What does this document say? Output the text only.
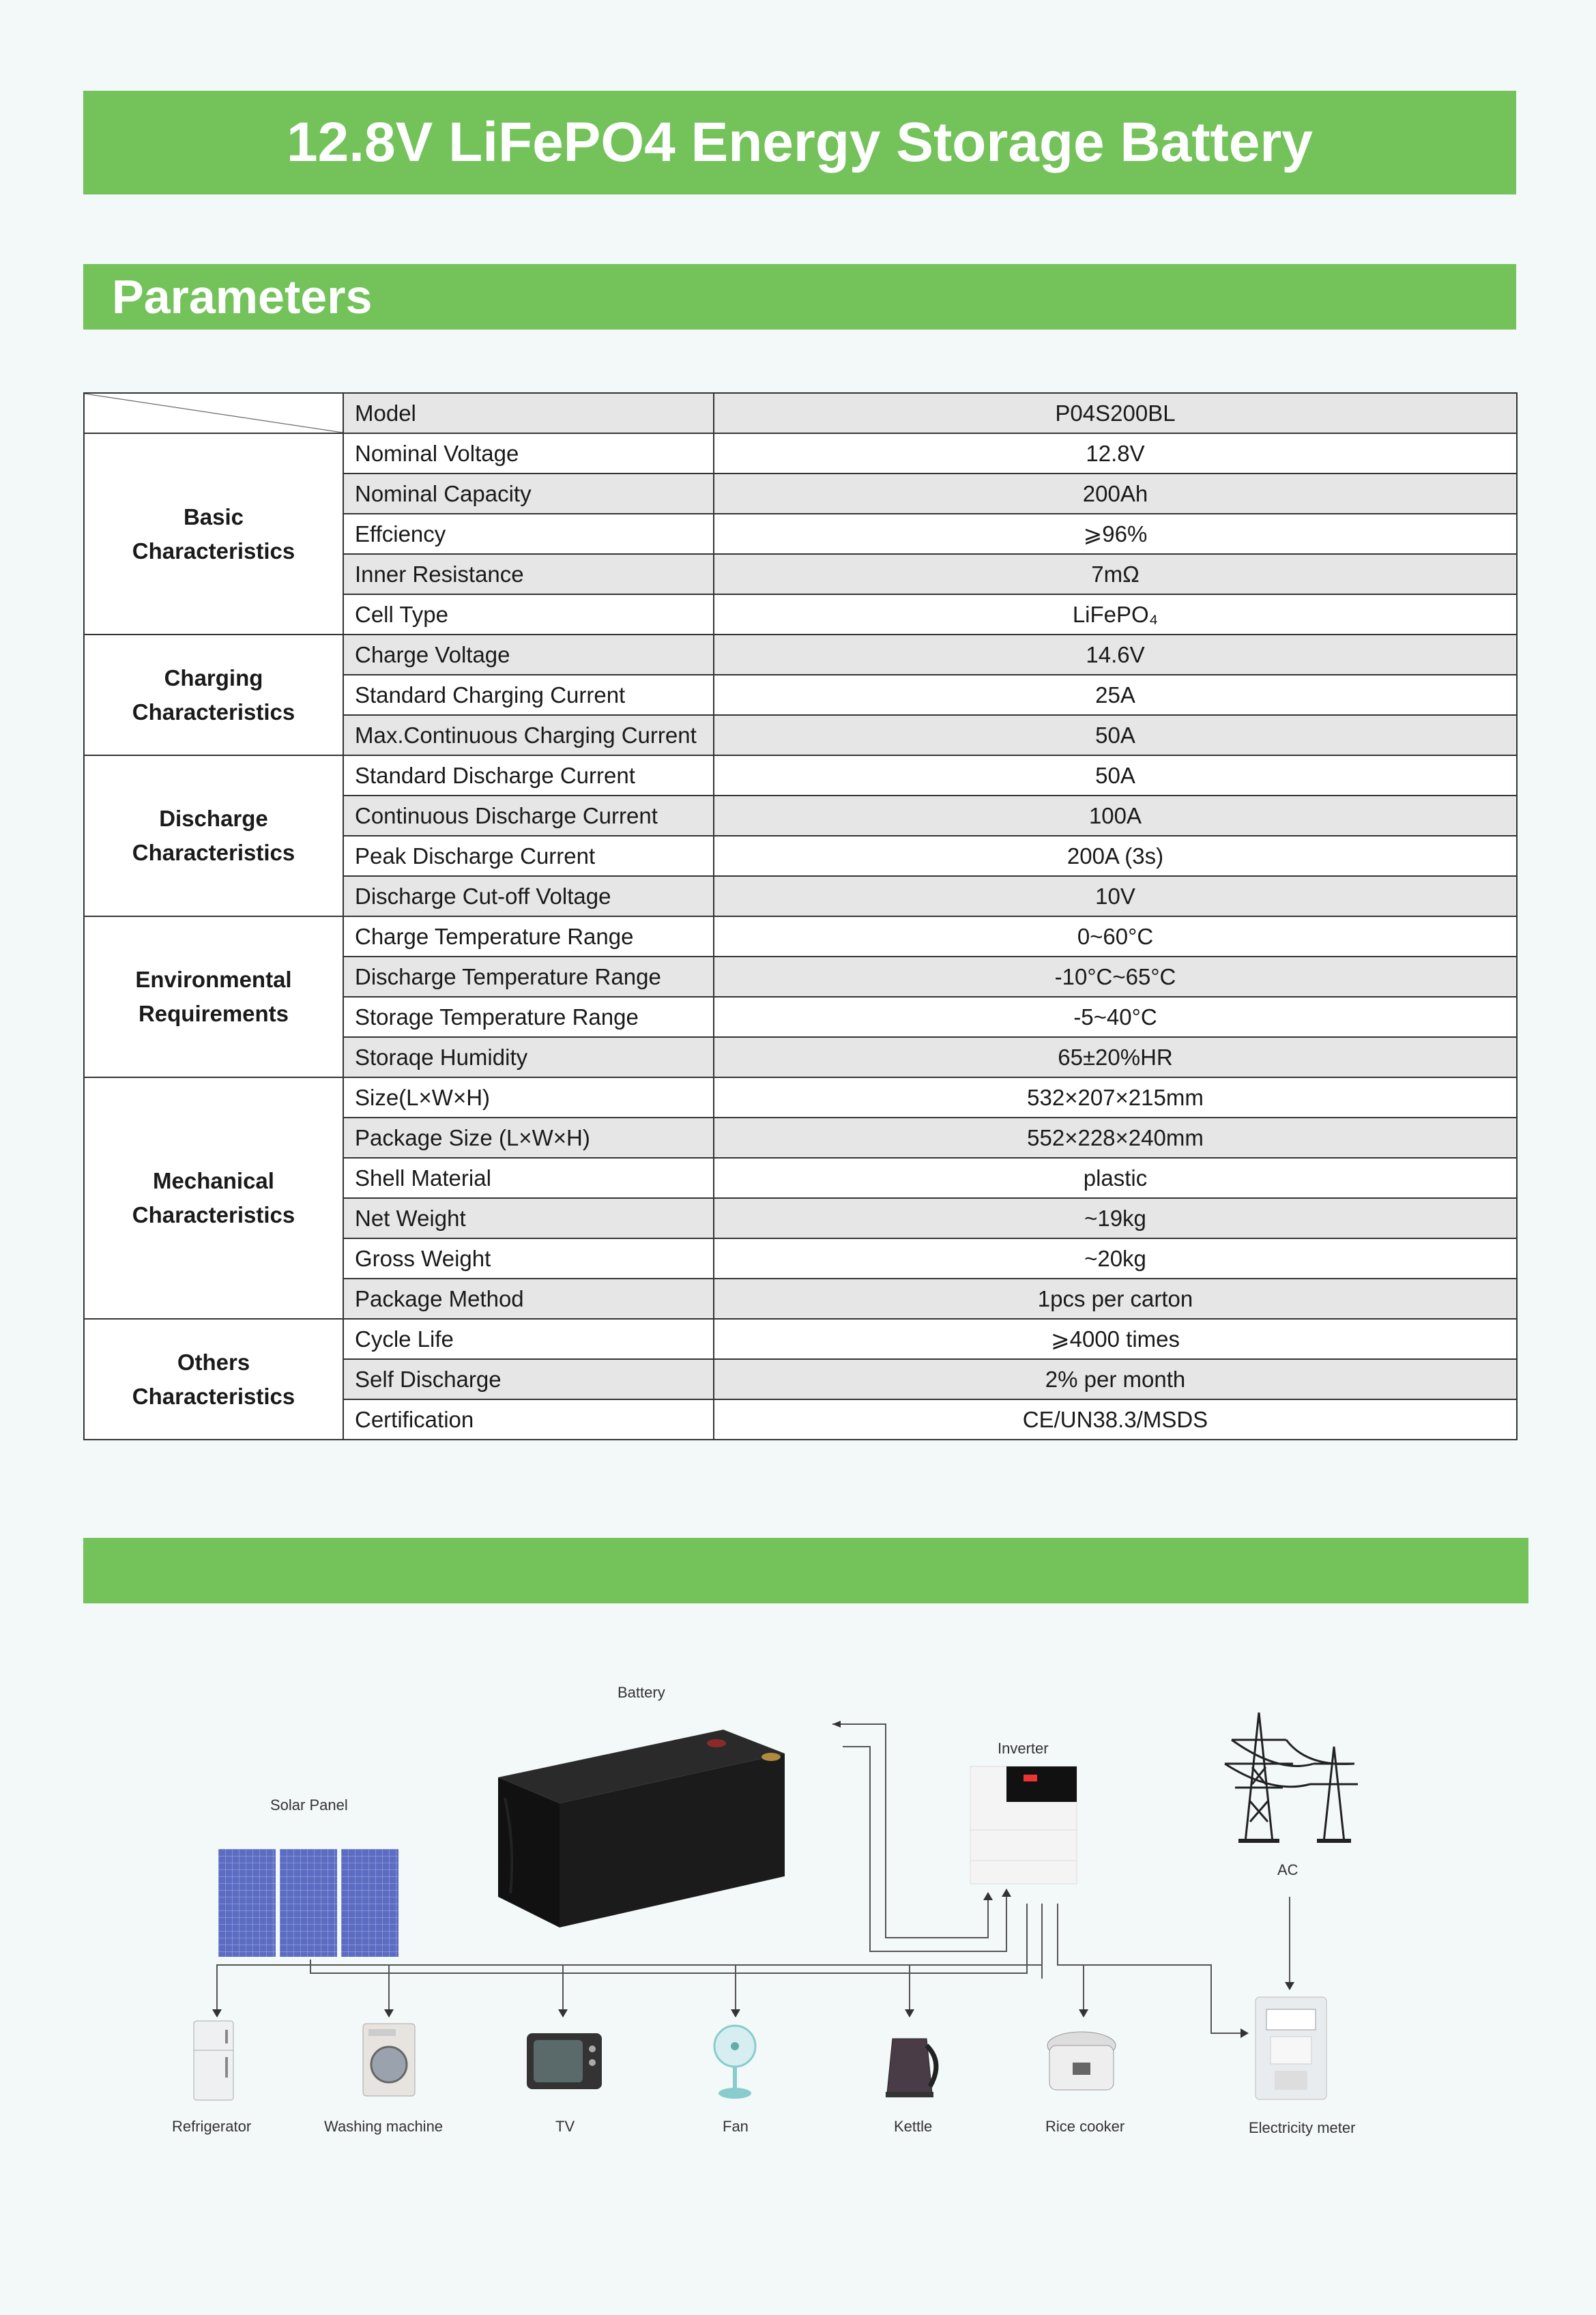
12.8V LiFePO4 Energy Storage Battery
Parameters
	Model	P04S200BL
Basic
Characteristics	Nominal Voltage	12.8V
	Nominal Capacity	200Ah
	Effciency	⩾96%
	Inner Resistance	7mΩ
	Cell Type	LiFePO₄
Charging
Characteristics	Charge Voltage	14.6V
	Standard Charging Current	25A
	Max.Continuous Charging Current	50A
Discharge
Characteristics	Standard Discharge Current	50A
	Continuous Discharge Current	100A
	Peak Discharge Current	200A (3s)
	Discharge Cut-off Voltage	10V
Environmental
Requirements	Charge Temperature Range	0~60°C
	Discharge Temperature Range	-10°C~65°C
	Storage Temperature Range	-5~40°C
	Storaqe Humidity	65±20%HR
Mechanical
Characteristics	Size(L×W×H)	532×207×215mm
	Package Size (L×W×H)	552×228×240mm
	Shell Material	plastic
	Net Weight	~19kg
	Gross Weight	~20kg
	Package Method	1pcs per carton
Others
Characteristics	Cycle Life	⩾4000 times
	Self Discharge	2% per month
	Certification	CE/UN38.3/MSDS
Battery
Solar Panel
Inverter
AC
Electricity meter
Refrigerator	Washing machine	TV	Fan	Kettle	Rice cooker
